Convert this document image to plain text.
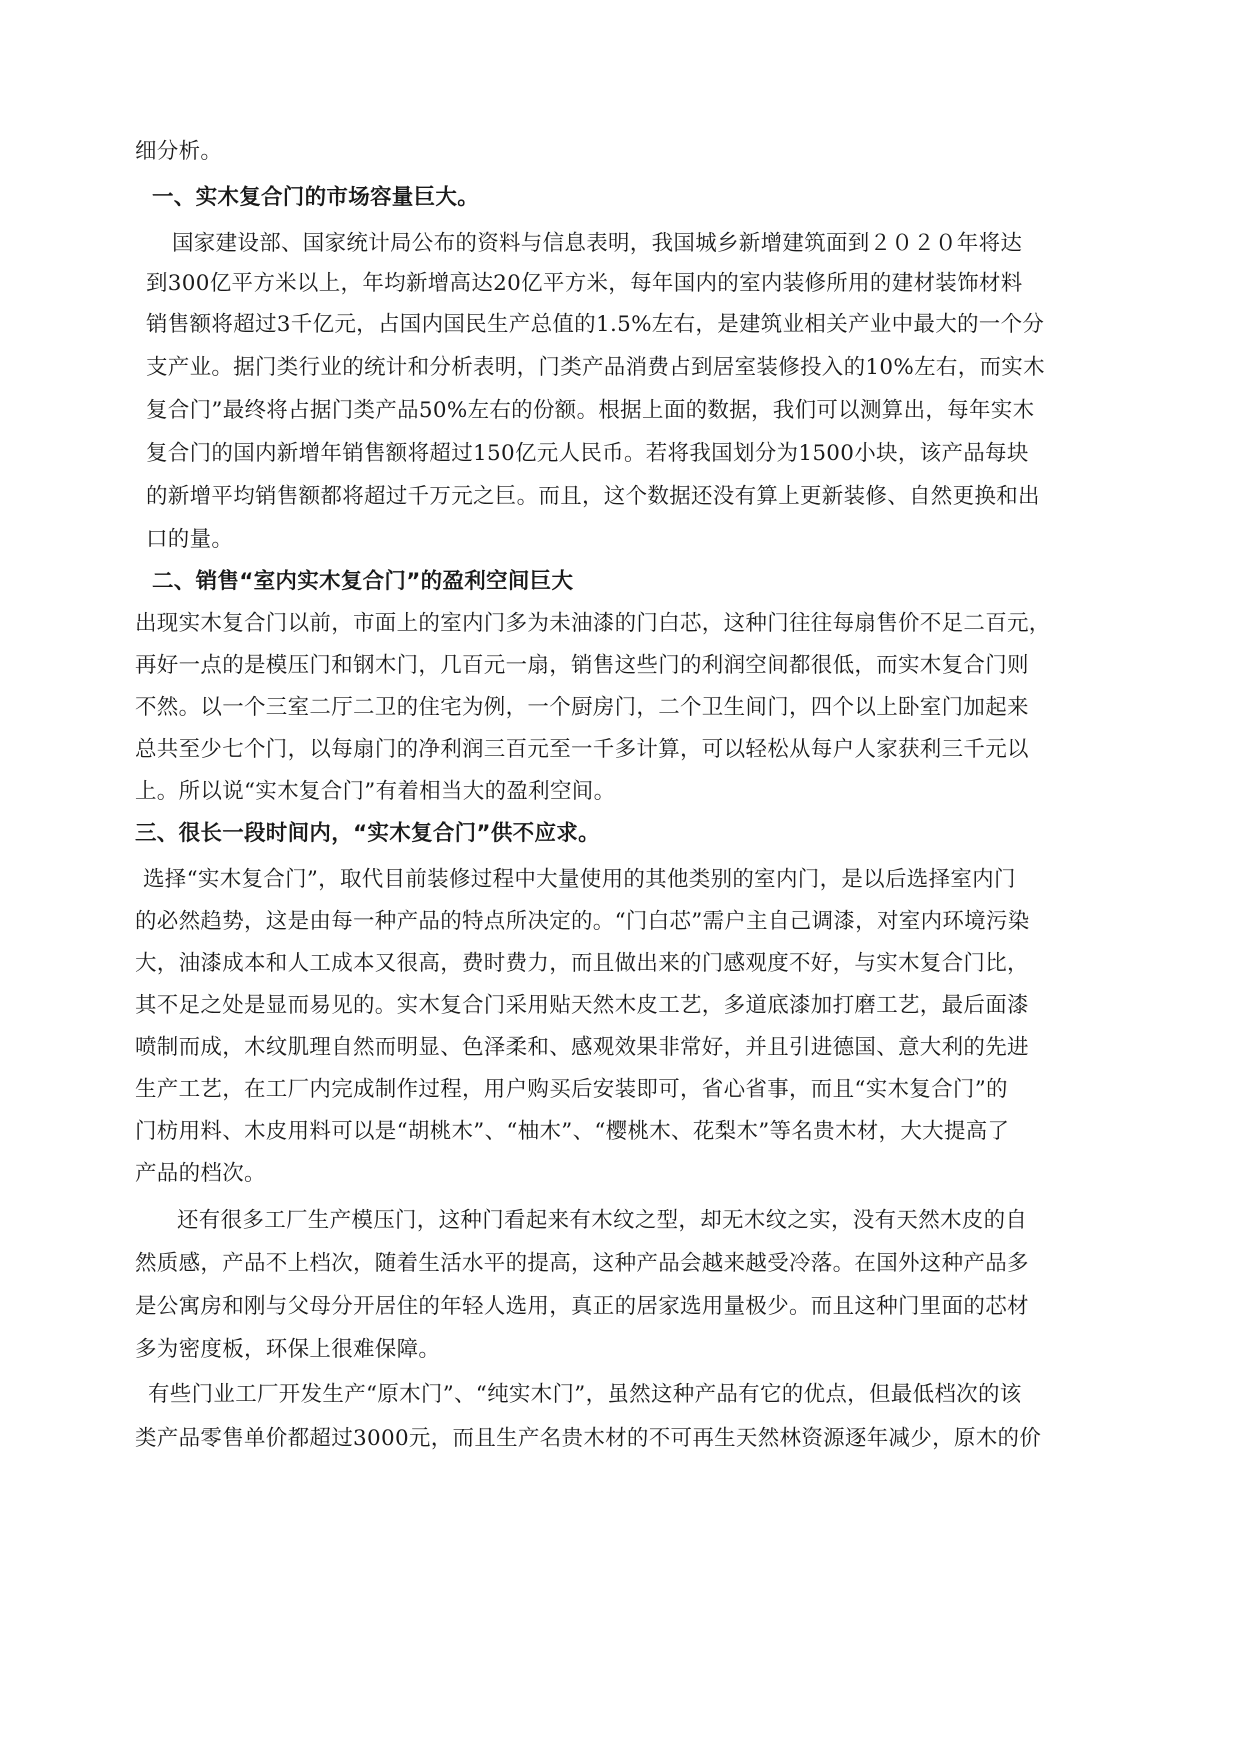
细分析。
一、实木复合门的市场容量巨大。
国家建设部、国家统计局公布的资料与信息表明，我国城乡新增建筑面到２０２０年将达
到300亿平方米以上，年均新增高达20亿平方米，每年国内的室内装修所用的建材装饰材料
销售额将超过3千亿元，占国内国民生产总值的1.5%左右，是建筑业相关产业中最大的一个分
支产业。据门类行业的统计和分析表明，门类产品消费占到居室装修投入的10%左右，而实木
复合门”最终将占据门类产品50%左右的份额。根据上面的数据，我们可以测算出，每年实木
复合门的国内新增年销售额将超过150亿元人民币。若将我国划分为1500小块，该产品每块
的新增平均销售额都将超过千万元之巨。而且，这个数据还没有算上更新装修、自然更换和出
口的量。
二、销售“室内实木复合门”的盈利空间巨大
出现实木复合门以前，市面上的室内门多为未油漆的门白芯，这种门往往每扇售价不足二百元，
再好一点的是模压门和钢木门，几百元一扇，销售这些门的利润空间都很低，而实木复合门则
不然。以一个三室二厅二卫的住宅为例，一个厨房门，二个卫生间门，四个以上卧室门加起来
总共至少七个门，以每扇门的净利润三百元至一千多计算，可以轻松从每户人家获利三千元以
上。所以说“实木复合门”有着相当大的盈利空间。
三、很长一段时间内，“实木复合门”供不应求。
选择“实木复合门”，取代目前装修过程中大量使用的其他类别的室内门，是以后选择室内门
的必然趋势，这是由每一种产品的特点所决定的。“门白芯”需户主自己调漆，对室内环境污染
大，油漆成本和人工成本又很高，费时费力，而且做出来的门感观度不好，与实木复合门比，
其不足之处是显而易见的。实木复合门采用贴天然木皮工艺，多道底漆加打磨工艺，最后面漆
喷制而成，木纹肌理自然而明显、色泽柔和、感观效果非常好，并且引进德国、意大利的先进
生产工艺，在工厂内完成制作过程，用户购买后安装即可，省心省事，而且“实木复合门”的
门枋用料、木皮用料可以是“胡桃木”、“柚木”、“樱桃木、花梨木”等名贵木材，大大提高了
产品的档次。
还有很多工厂生产模压门，这种门看起来有木纹之型，却无木纹之实，没有天然木皮的自
然质感，产品不上档次，随着生活水平的提高，这种产品会越来越受冷落。在国外这种产品多
是公寓房和刚与父母分开居住的年轻人选用，真正的居家选用量极少。而且这种门里面的芯材
多为密度板，环保上很难保障。
有些门业工厂开发生产“原木门”、“纯实木门”，虽然这种产品有它的优点，但最低档次的该
类产品零售单价都超过3000元，而且生产名贵木材的不可再生天然林资源逐年减少，原木的价
